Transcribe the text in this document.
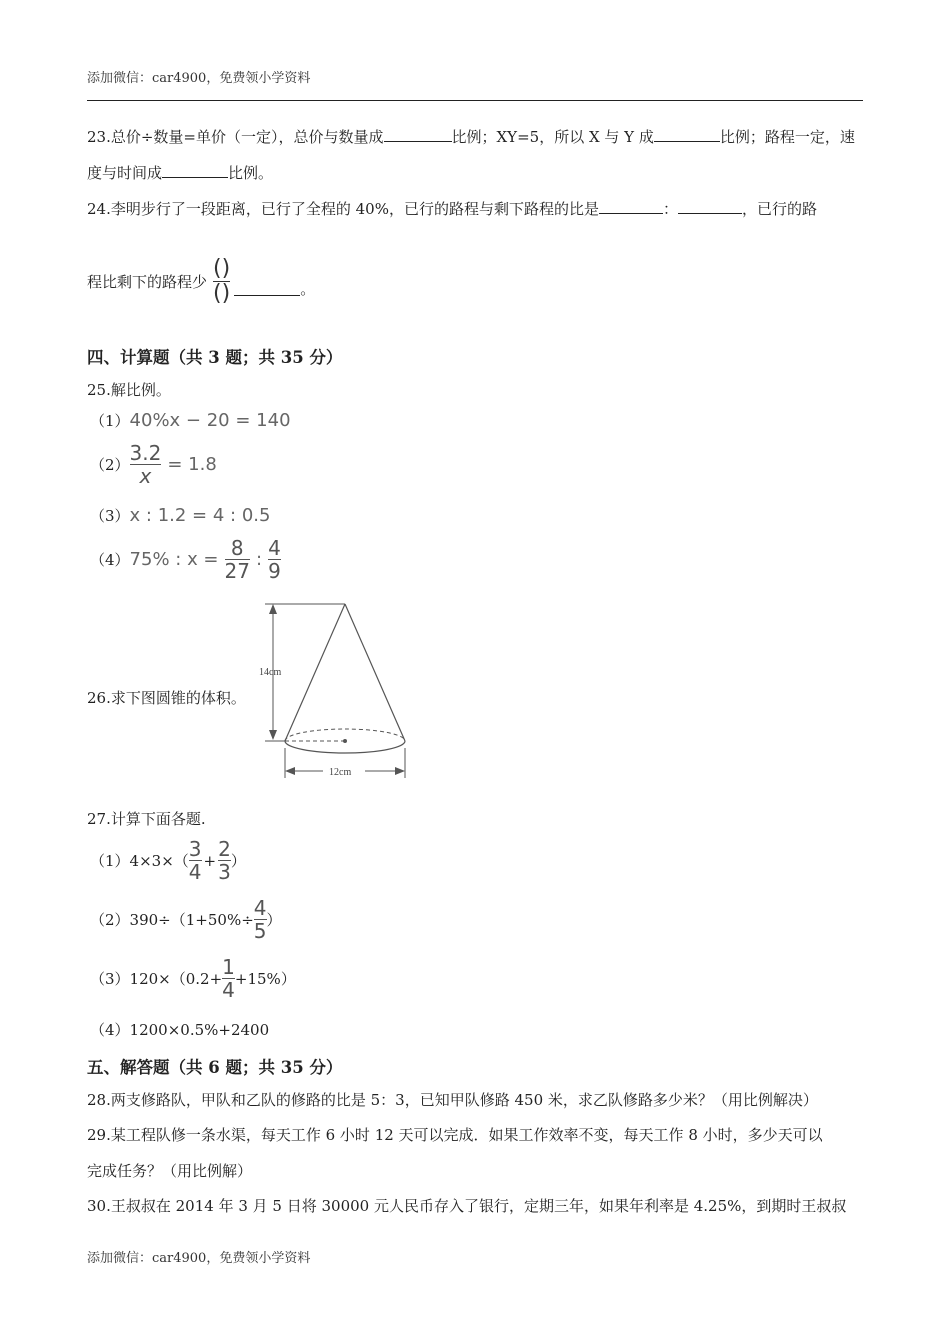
添加微信：car4900，免费领小学资料
23.总价÷数量=单价（一定），总价与数量成	比例；XY=5，所以 X 与 Y 成	比例；路程一定，速
度与时间成	比例。
24.李明步行了一段距离，已行了全程的 40%，已行的路程与剩下路程的比是	：	，已行的路
程比剩下的路程少 $\frac{()}{()}$	。
四、计算题（共 3 题；共 35 分）
25.解比例。
（1） 40%x − 20 = 140
$(2) \frac{3.2}{x} = 1.8$
（3） x : 1.2 = 4 : 0.5
（4） 75% : $x = \frac{8}{27}$ : $\frac{4}{9}$
26.求下图圆锥的体积。
14cm
12cm
27.计算下面各题.
（1） $4\times 3\times( \frac{3}{4} + \frac{2}{3}$ ）
（2） $390\div(1+50\%\div \frac{4}{5}$ ）
（3） $120\times(0.2+ \frac{1}{4} +15\%)$
（4）1200×0.5%+2400
五、解答题（共 6 题；共 35 分）
28.两支修路队，甲队和乙队的修路的比是 5：3，已知甲队修路 450 米，求乙队修路多少米？（用比例解决）
29.某工程队修一条水渠，每天工作 6 小时 12 天可以完成．如果工作效率不变，每天工作 8 小时，多少天可以
完成任务？（用比例解）
30.王叔叔在 2014 年 3 月 5 日将 30000 元人民币存入了银行，定期三年，如果年利率是 4.25%，到期时王叔叔
添加微信：car4900，免费领小学资料
